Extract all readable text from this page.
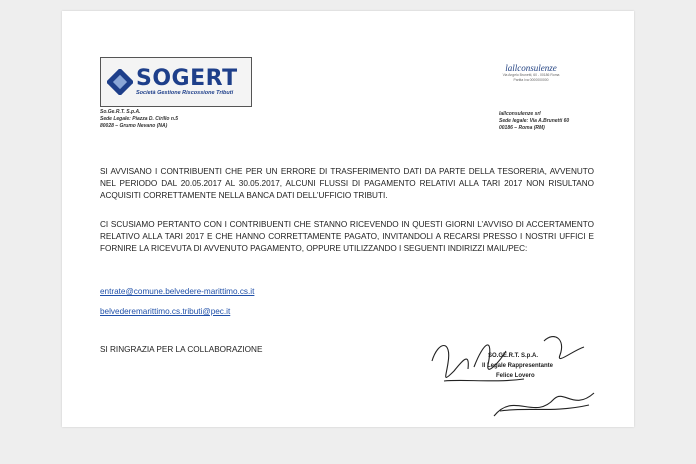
SOGERT
Società Gestione Riscossione Tributi
So.Ge.R.T. S.p.A.
Sede Legale: Piazza D. Cirillo n.5
80028 – Grumo Nevano (NA)
lallconsulenze
Via Angelo Brunetti, 60 - 00186 Roma
Partita Iva 0000000000
lallconsulenze srl
Sede legale: Via A.Brunetti 60
00186 – Roma (RM)
SI AVVISANO I CONTRIBUENTI CHE PER UN ERRORE DI TRASFERIMENTO DATI DA PARTE DELLA TESORERIA, AVVENUTO NEL PERIODO DAL 20.05.2017 AL 30.05.2017, ALCUNI FLUSSI DI PAGAMENTO RELATIVI ALLA TARI 2017 NON RISULTANO ACQUISITI CORRETTAMENTE NELLA BANCA DATI DELL’UFFICIO TRIBUTI.
CI SCUSIAMO PERTANTO CON I CONTRIBUENTI CHE STANNO RICEVENDO IN QUESTI GIORNI L’AVVISO DI ACCERTAMENTO RELATIVO ALLA TARI 2017 E CHE HANNO CORRETTAMENTE PAGATO, INVITANDOLI A RECARSI PRESSO I NOSTRI UFFICI E FORNIRE LA RICEVUTA DI AVVENUTO PAGAMENTO, OPPURE UTILIZZANDO I SEGUENTI INDIRIZZI MAIL/PEC:
entrate@comune.belvedere-marittimo.cs.it
belvederemarittimo.cs.tributi@pec.it
SI RINGRAZIA PER LA COLLABORAZIONE
SO.GE.R.T. S.p.A.
Il Legale Rappresentante
Felice Lovero
